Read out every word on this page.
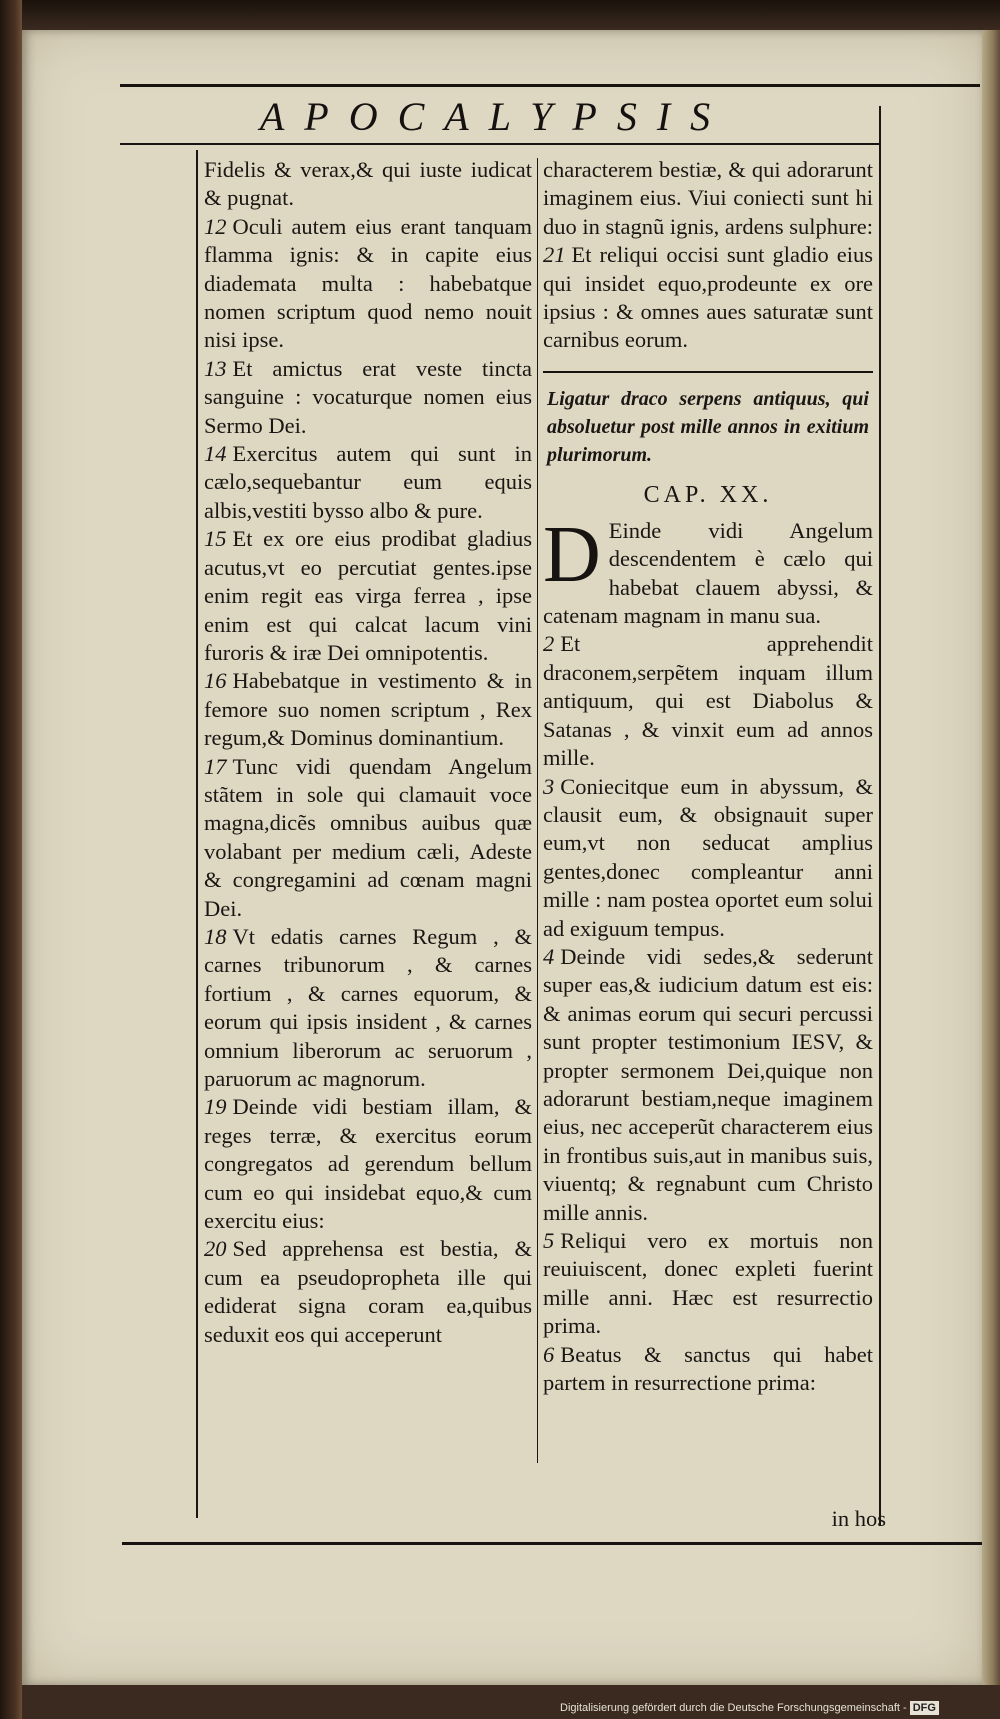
APOCALYPSIS

Fidelis & verax,& qui iuste iudicat & pugnat.

12 Oculi autem eius erant tanquam flamma ignis: & in capite eius diademata multa : habebatque nomen scriptum quod nemo nouit nisi ipse.

13 Et amictus erat veste tincta sanguine : vocaturque nomen eius Sermo Dei.

14 Exercitus autem qui sunt in cælo,sequebantur eum equis albis,vestiti bysso albo & pure.

15 Et ex ore eius prodibat gladius acutus,vt eo percutiat gentes.ipse enim regit eas virga ferrea , ipse enim est qui calcat lacum vini furoris & iræ Dei omnipotentis.

16 Habebatque in vestimento & in femore suo nomen scriptum , Rex regum,& Dominus dominantium.

17 Tunc vidi quendam Angelum stãtem in sole qui clamauit voce magna,dicẽs omnibus auibus quæ volabant per medium cæli, Adeste & congregamini ad cœnam magni Dei.

18 Vt edatis carnes Regum , & carnes tribunorum , & carnes fortium , & carnes equorum, & eorum qui ipsis insident , & carnes omnium liberorum ac seruorum , paruorum ac magnorum.

19 Deinde vidi bestiam illam, & reges terræ, & exercitus eorum congregatos ad gerendum bellum cum eo qui insidebat equo,& cum exercitu eius:

20 Sed apprehensa est bestia, & cum ea pseudopropheta ille qui ediderat signa coram ea,quibus seduxit eos qui acceperunt

characterem bestiæ, & qui adorarunt imaginem eius. Viui coniecti sunt hi duo in stagnũ ignis, ardens sulphure:

21 Et reliqui occisi sunt gladio eius qui insidet equo,prodeunte ex ore ipsius : & omnes aues saturatæ sunt carnibus eorum.

Ligatur draco serpens antiquus, qui absoluetur post mille annos in exitium plurimorum.

CAP. XX.

D Einde vidi Angelum descendentem è cælo qui habebat clauem abyssi, & catenam magnam in manu sua.

2 Et apprehendit draconem,serpẽtem inquam illum antiquum, qui est Diabolus & Satanas , & vinxit eum ad annos mille.

3 Coniecitque eum in abyssum, & clausit eum, & obsignauit super eum,vt non seducat amplius gentes,donec compleantur anni mille : nam postea oportet eum solui ad exiguum tempus.

4 Deinde vidi sedes,& sederunt super eas,& iudicium datum est eis: & animas eorum qui securi percussi sunt propter testimonium IESV, & propter sermonem Dei,quique non adorarunt bestiam,neque imaginem eius, nec acceperũt characterem eius in frontibus suis,aut in manibus suis, viuentq; & regnabunt cum Christo mille annis.

5 Reliqui vero ex mortuis non reuiuiscent, donec expleti fuerint mille anni. Hæc est resurrectio prima.

6 Beatus & sanctus qui habet partem in resurrectione prima:

in hos
Digitalisierung gefördert durch die Deutsche Forschungsgemeinschaft - DFG
